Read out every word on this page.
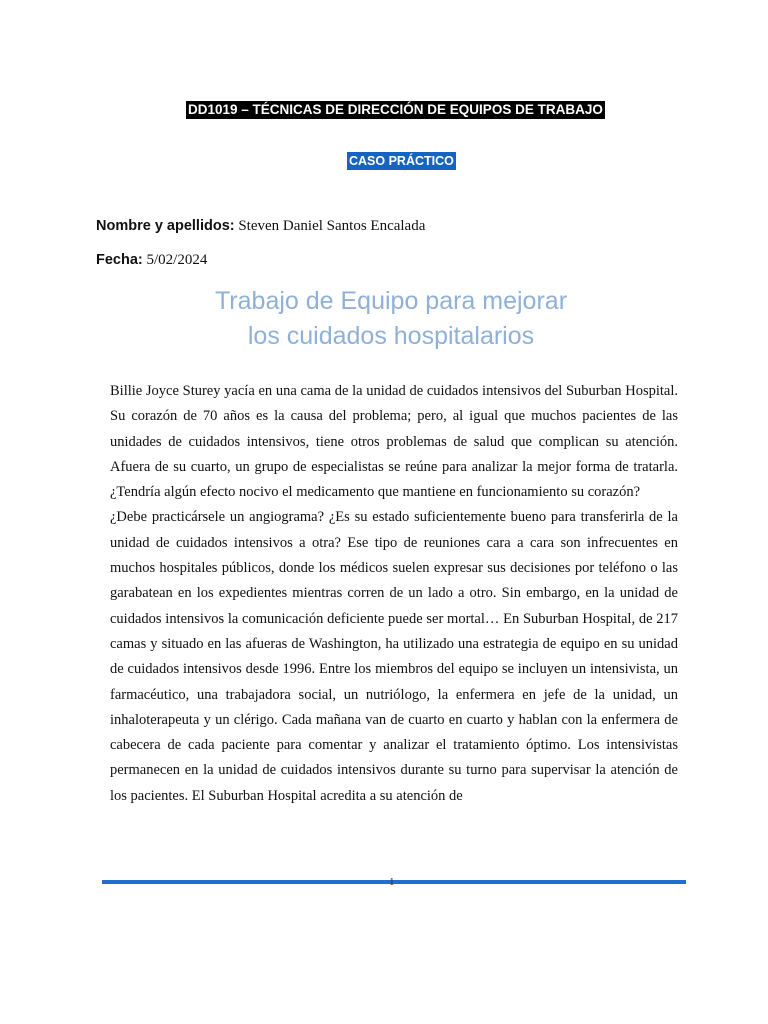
DD1019 – TÉCNICAS DE DIRECCIÓN DE EQUIPOS DE TRABAJO
CASO PRÁCTICO
Nombre y apellidos: Steven Daniel Santos Encalada
Fecha: 5/02/2024
Trabajo de Equipo para mejorar
los cuidados hospitalarios

Billie Joyce Sturey yacía en una cama de la unidad de cuidados intensivos del Suburban Hospital. Su corazón de 70 años es la causa del problema; pero, al igual que muchos pacientes de las unidades de cuidados intensivos, tiene otros problemas de salud que complican su atención. Afuera de su cuarto, un grupo de especialistas se reúne para analizar la mejor forma de tratarla. ¿Tendría algún efecto nocivo el medicamento que mantiene en funcionamiento su corazón?

¿Debe practicársele un angiograma? ¿Es su estado suficientemente bueno para transferirla de la unidad de cuidados intensivos a otra? Ese tipo de reuniones cara a cara son infrecuentes en muchos hospitales públicos, donde los médicos suelen expresar sus decisiones por teléfono o las garabatean en los expedientes mientras corren de un lado a otro. Sin embargo, en la unidad de cuidados intensivos la comunicación deficiente puede ser mortal… En Suburban Hospital, de 217 camas y situado en las afueras de Washington, ha utilizado una estrategia de equipo en su unidad de cuidados intensivos desde 1996. Entre los miembros del equipo se incluyen un intensivista, un farmacéutico, una trabajadora social, un nutriólogo, la enfermera en jefe de la unidad, un inhaloterapeuta y un clérigo. Cada mañana van de cuarto en cuarto y hablan con la enfermera de cabecera de cada paciente para comentar y analizar el tratamiento óptimo. Los intensivistas permanecen en la unidad de cuidados intensivos durante su turno para supervisar la atención de los pacientes. El Suburban Hospital acredita a su atención de

1
